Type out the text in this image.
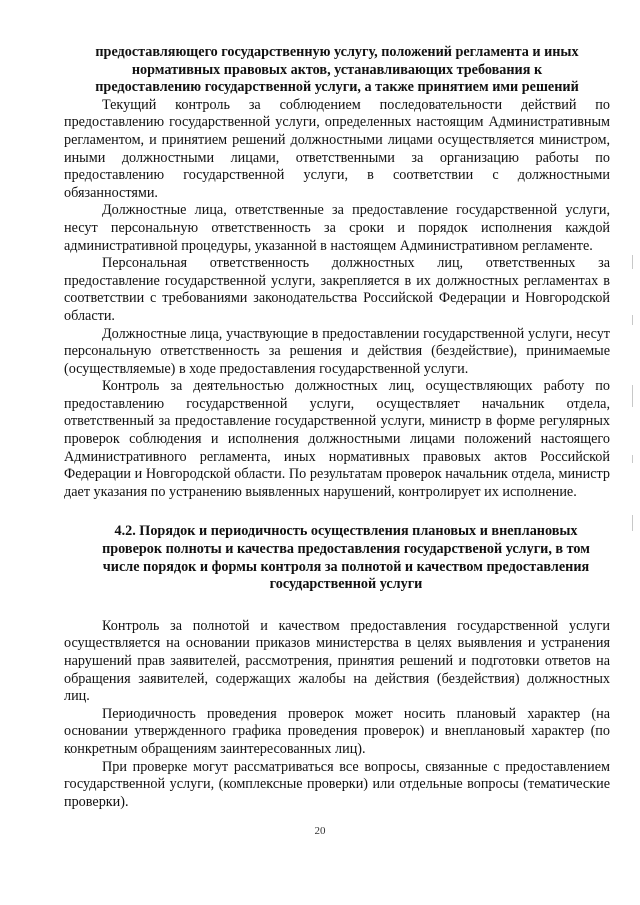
предоставляющего государственную услугу, положений регламента и иных
нормативных правовых актов, устанавливающих требования к
предоставлению государственной услуги, а также принятием ими решений

Текущий контроль за соблюдением последовательности действий по предоставлению государственной услуги, определенных настоящим Административным регламентом, и принятием решений должностными лицами осуществляется министром, иными должностными лицами, ответственными за организацию работы по предоставлению государственной услуги, в соответствии с должностными обязанностями.

Должностные лица, ответственные за предоставление государственной услуги, несут персональную ответственность за сроки и порядок исполнения каждой административной процедуры, указанной в настоящем Административном регламенте.

Персональная ответственность должностных лиц, ответственных за предоставление государственной услуги, закрепляется в их должностных регламентах в соответствии с требованиями законодательства Российской Федерации и Новгородской области.

Должностные лица, участвующие в предоставлении государственной услуги, несут персональную ответственность за решения и действия (бездействие), принимаемые (осуществляемые) в ходе предоставления государственной услуги.

Контроль за деятельностью должностных лиц, осуществляющих работу по предоставлению государственной услуги, осуществляет начальник отдела, ответственный за предоставление государственной услуги, министр в форме регулярных проверок соблюдения и исполнения должностными лицами положений настоящего Административного регламента, иных нормативных правовых актов Российской Федерации и Новгородской области. По результатам проверок начальник отдела, министр дает указания по устранению выявленных нарушений, контролирует их исполнение.

4.2. Порядок и периодичность осуществления плановых и внеплановых
проверок полноты и качества предоставления государственой услуги, в том
числе порядок и формы контроля за полнотой и качеством предоставления
государственной услуги

Контроль за полнотой и качеством предоставления государственной услуги осуществляется на основании приказов министерства в целях выявления и устранения нарушений прав заявителей, рассмотрения, принятия решений и подготовки ответов на обращения заявителей, содержащих жалобы на действия (бездействия) должностных лиц.

Периодичность проведения проверок может носить плановый характер (на основании утвержденного графика проведения проверок) и внеплановый характер (по конкретным обращениям заинтересованных лиц).

При проверке могут рассматриваться все вопросы, связанные с предоставлением государственной услуги, (комплексные проверки) или отдельные вопросы (тематические проверки).

20
